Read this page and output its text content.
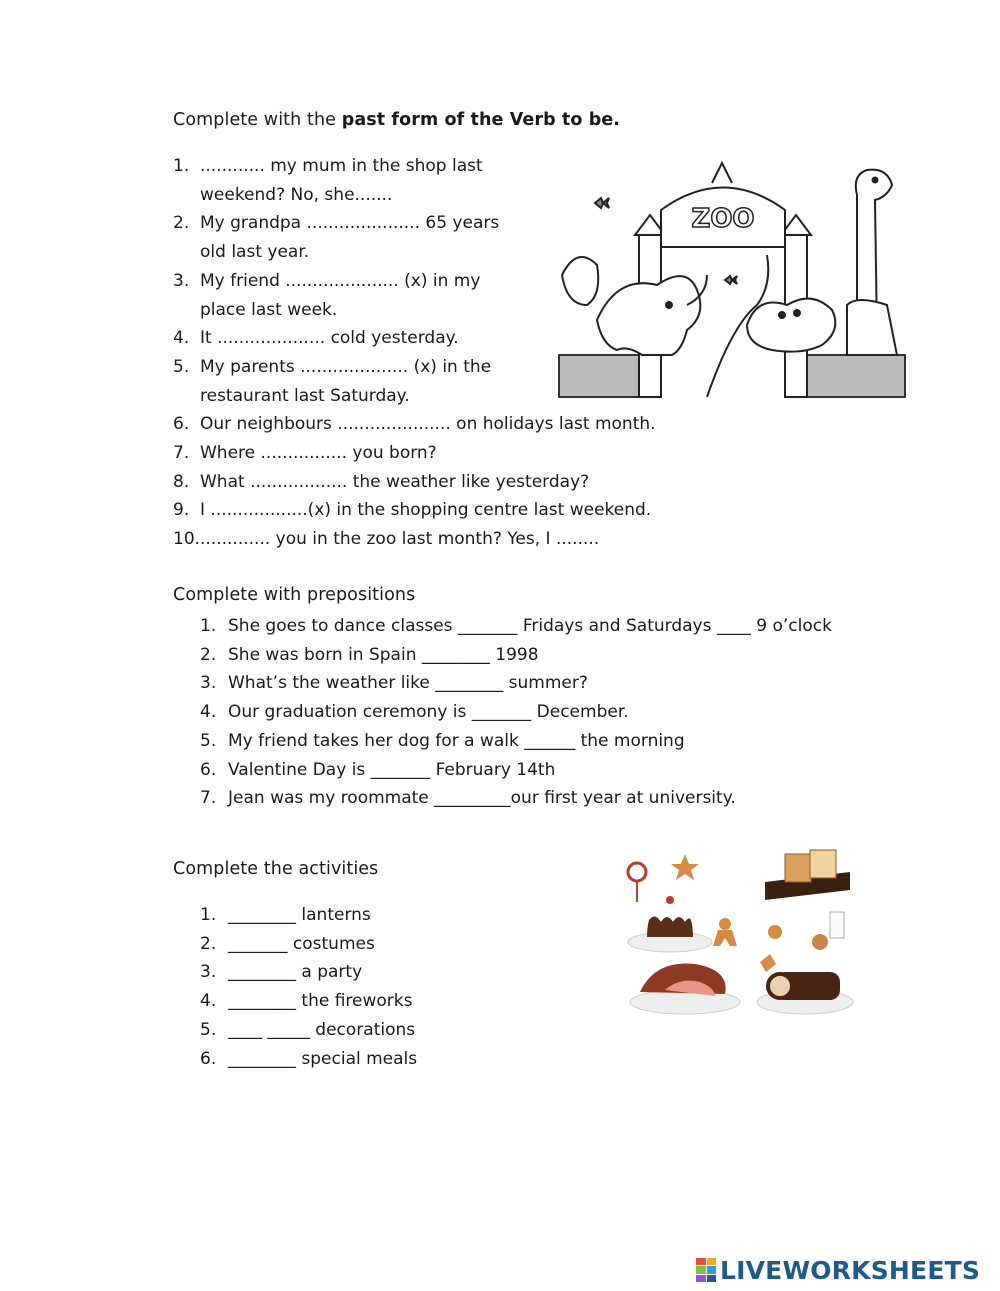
Complete with the past form of the Verb to be.
1. ............ my mum in the shop last
weekend? No, she.......
2. My grandpa ..................... 65 years
old last year.
3. My friend ..................... (x) in my
place last week.
4. It .................... cold yesterday.
5. My parents .................... (x) in the
restaurant last Saturday.
6. Our neighbours ..................... on holidays last month.
7. Where ................ you born?
8. What .................. the weather like yesterday?
9. I ..................(x) in the shopping centre last weekend.
10. ............. you in the zoo last month? Yes, I ........
ZOO
Complete with prepositions
1. She goes to dance classes _______ Fridays and Saturdays ____ 9 o’clock
2. She was born in Spain ________ 1998
3. What’s the weather like ________ summer?
4. Our graduation ceremony is _______ December.
5. My friend takes her dog for a walk ______ the morning
6. Valentine Day is _______ February 14th
7. Jean was my roommate _________our first year at university.
Complete the activities
1. ________ lanterns
2. _______ costumes
3. ________ a party
4. ________ the fireworks
5. ____ _____ decorations
6. ________ special meals
LIVEWORKSHEETS
